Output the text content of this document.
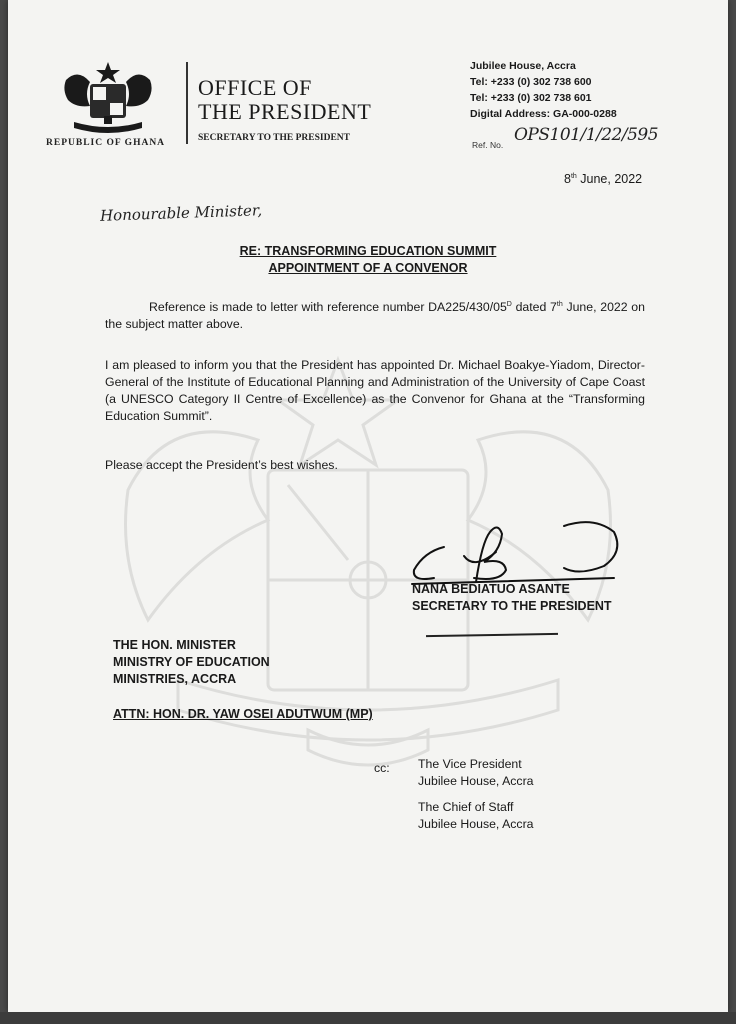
REPUBLIC OF GHANA
OFFICE OF
THE PRESIDENT
SECRETARY TO THE PRESIDENT
Jubilee House, Accra
Tel: +233 (0) 302 738 600
Tel: +233 (0) 302 738 601
Digital Address: GA-000-0288
Ref. No. OPS101/1/22/595
8th June, 2022
Honourable Minister,
RE: TRANSFORMING EDUCATION SUMMIT
APPOINTMENT OF A CONVENOR
Reference is made to letter with reference number $DA225/430/05^D$ dated 7th June, 2022 on the subject matter above.
I am pleased to inform you that the President has appointed Dr. Michael Boakye-Yiadom, Director-General of the Institute of Educational Planning and Administration of the University of Cape Coast (a UNESCO Category II Centre of Excellence) as the Convenor for Ghana at the “Transforming Education Summit”.
Please accept the President’s best wishes.
NANA BEDIATUO ASANTE
SECRETARY TO THE PRESIDENT
THE HON. MINISTER
MINISTRY OF EDUCATION
MINISTRIES, ACCRA
ATTN: HON. DR. YAW OSEI ADUTWUM (MP)
cc: The Vice President
Jubilee House, Accra
The Chief of Staff
Jubilee House, Accra
